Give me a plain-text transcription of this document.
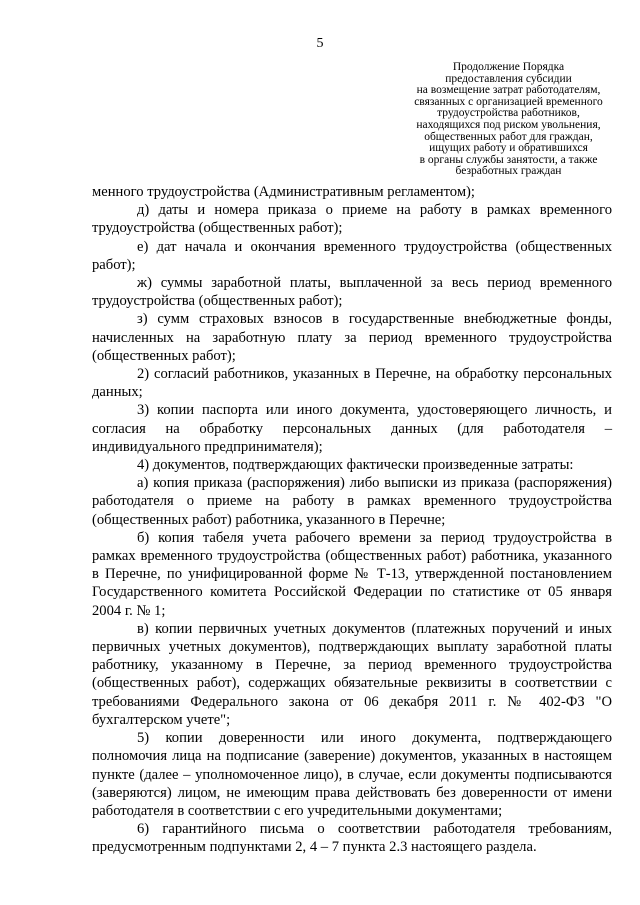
5
Продолжение Порядка
предоставления субсидии
на возмещение затрат работодателям,
связанных с организацией временного
трудоустройства работников,
находящихся под риском увольнения,
общественных работ для граждан,
ищущих работу и обратившихся
в органы службы занятости, а также
безработных граждан

менного трудоустройства (Административным регламентом);

д) даты и номера приказа о приеме на работу в рамках временного трудоустройства (общественных работ);

е) дат начала и окончания временного трудоустройства (общественных работ);

ж) суммы заработной платы, выплаченной за весь период временного трудоустройства (общественных работ);

з) сумм страховых взносов в государственные внебюджетные фонды, начисленных на заработную плату за период временного трудоустройства (общественных работ);

2) согласий работников, указанных в Перечне, на обработку персональных данных;

3) копии паспорта или иного документа, удостоверяющего личность, и согласия на обработку персональных данных (для работодателя – индивидуального предпринимателя);

4) документов, подтверждающих фактически произведенные затраты:

а) копия приказа (распоряжения) либо выписки из приказа (распоряжения) работодателя о приеме на работу в рамках временного трудоустройства (общественных работ) работника, указанного в Перечне;

б) копия табеля учета рабочего времени за период трудоустройства в рамках временного трудоустройства (общественных работ) работника, указанного в Перечне, по унифицированной форме № Т-13, утвержденной постановлением Государственного комитета Российской Федерации по статистике от 05 января 2004 г. № 1;

в) копии первичных учетных документов (платежных поручений и иных первичных учетных документов), подтверждающих выплату заработной платы работнику, указанному в Перечне, за период временного трудоустройства (общественных работ), содержащих обязательные реквизиты в соответствии с требованиями Федерального закона от 06 декабря 2011 г. № 402-ФЗ "О бухгалтерском учете";

5) копии доверенности или иного документа, подтверждающего полномочия лица на подписание (заверение) документов, указанных в настоящем пункте (далее – уполномоченное лицо), в случае, если документы подписываются (заверяются) лицом, не имеющим права действовать без доверенности от имени работодателя в соответствии с его учредительными документами;

6) гарантийного письма о соответствии работодателя требованиям, предусмотренным подпунктами 2, 4 – 7 пункта 2.3 настоящего раздела.
